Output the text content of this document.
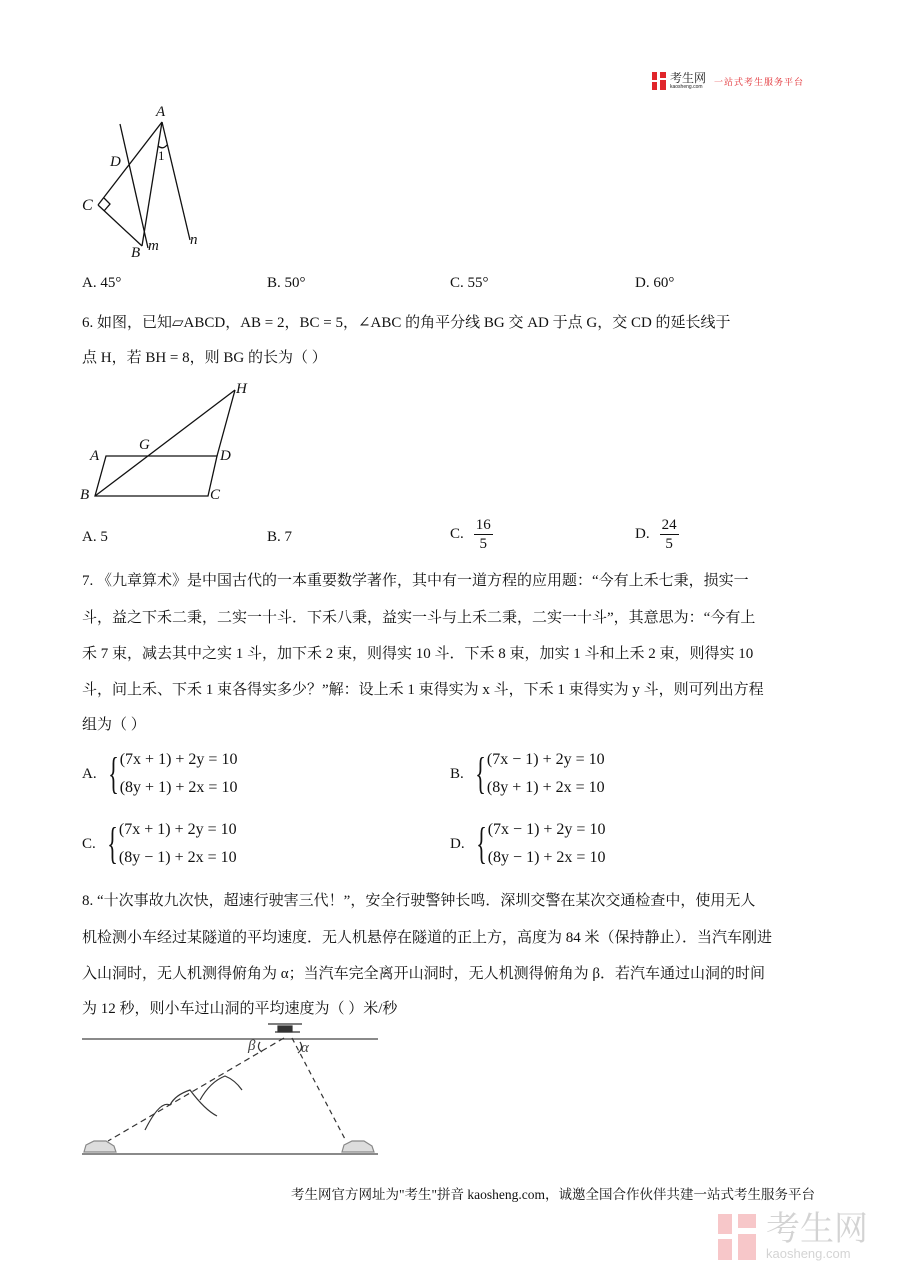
考生网
kaosheng.com	一站式考生服务平台
A
D
C
B m n
1
A. 45°	B. 50°	C. 55°	D. 60°
6. 如图，已知▱ABCD，AB = 2，BC = 5，∠ABC 的角平分线 BG 交 AD 于点 G，交 CD 的延长线于
点 H，若 BH = 8，则 BG 的长为（ ）
H
A
G
D
B	C
A. 5	B. 7	C. $\frac{16}{5}$	D. $\frac{24}{5}$
7. 《九章算术》是中国古代的一本重要数学著作，其中有一道方程的应用题：“今有上禾七秉，损实一
斗，益之下禾二秉，二实一十斗．下禾八秉，益实一斗与上禾二秉，二实一十斗”，其意思为：“今有上
禾 7 束，减去其中之实 1 斗，加下禾 2 束，则得实 10 斗．下禾 8 束，加实 1 斗和上禾 2 束，则得实 10
斗，问上禾、下禾 1 束各得实多少？”解：设上禾 1 束得实为 x 斗，下禾 1 束得实为 y 斗，则可列出方程
组为（ ）
A. { (7x + 1) + 2y = 10
(8y + 1) + 2x = 10
B. { (7x − 1) + 2y = 10
(8y + 1) + 2x = 10
C. { (7x + 1) + 2y = 10
(8y − 1) + 2x = 10
D. { (7x − 1) + 2y = 10
(8y − 1) + 2x = 10
8. “十次事故九次快，超速行驶害三代！”，安全行驶警钟长鸣．深圳交警在某次交通检查中，使用无人
机检测小车经过某隧道的平均速度．无人机悬停在隧道的正上方，高度为 84 米（保持静止）．当汽车刚进
入山洞时，无人机测得俯角为 α；当汽车完全离开山洞时，无人机测得俯角为 β．若汽车通过山洞的时间
为 12 秒，则小车过山洞的平均速度为（ ）米/秒
β	α
考生网官方网址为"考生"拼音 kaosheng.com，诚邀全国合作伙伴共建一站式考生服务平台
考生网
kaosheng.com
